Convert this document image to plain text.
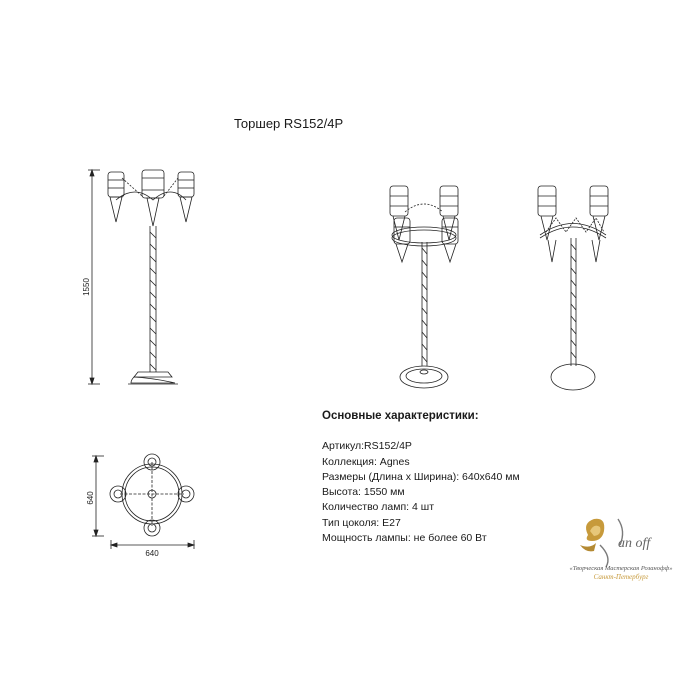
Торшер RS152/4P
1550
640
640
Основные характеристики:
Артикул:RS152/4P
Коллекция: Agnes
Размеры (Длина х Ширина): 640x640 мм
Высота: 1550 мм
Количество ламп: 4 шт
Тип цоколя: E27
Мощность лампы: не более 60 Вт	an off
«Творческая Мастерская Розанофф»
Санкт-Петербург
